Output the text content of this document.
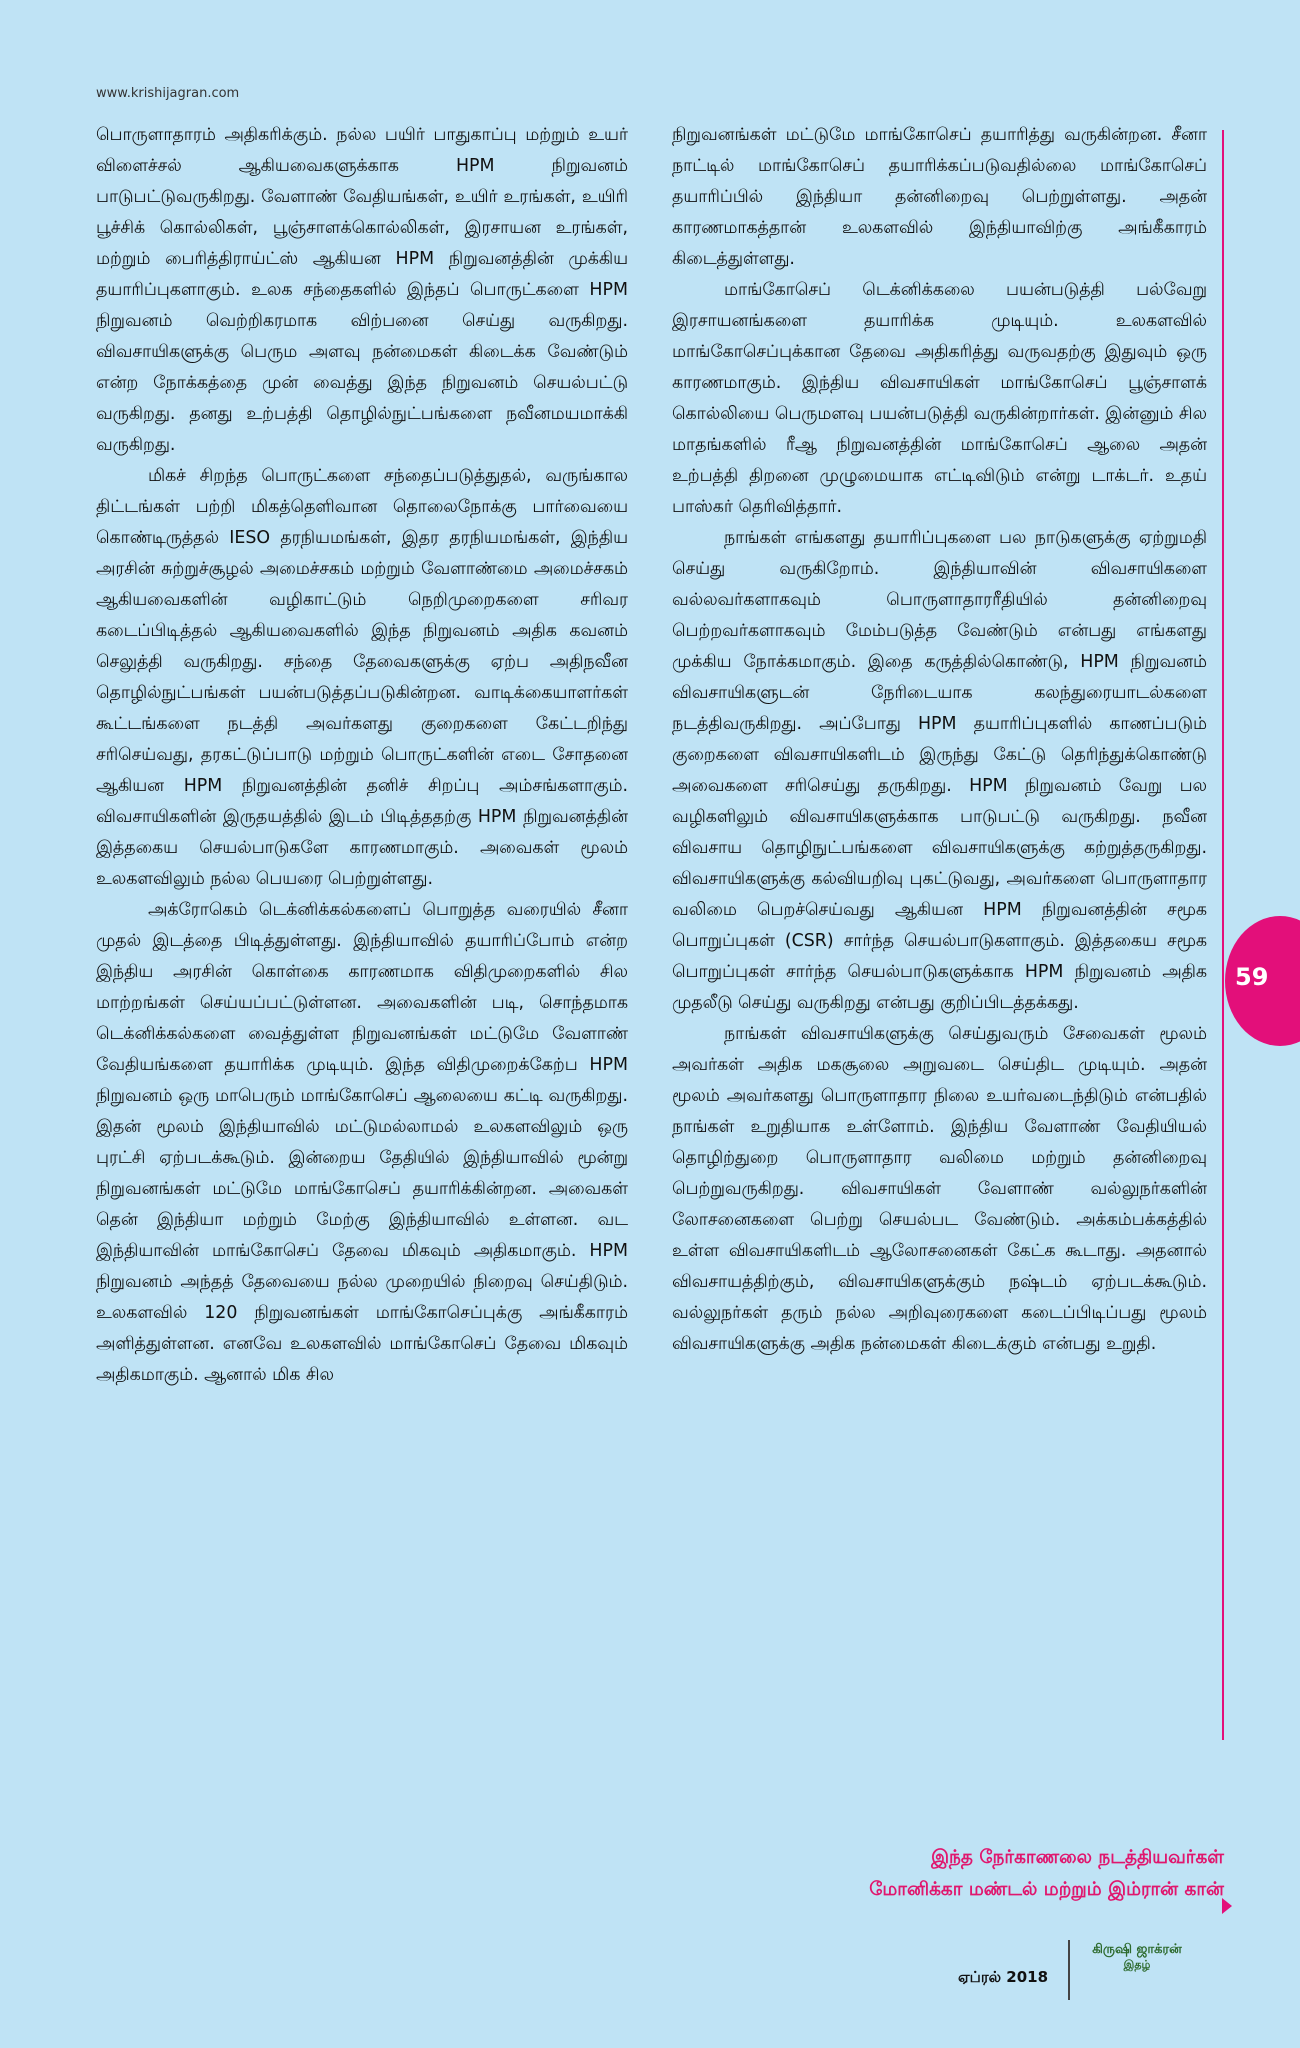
www.krishijagran.com

பொருளாதாரம் அதிகரிக்கும். நல்ல பயிர் பாதுகாப்பு மற்றும் உயர் விளைச்சல் ஆகியவைகளுக்காக HPM நிறுவனம் பாடுபட்டுவருகிறது. வேளாண் வேதியங்கள், உயிர் உரங்கள், உயிரி பூச்சிக் கொல்லிகள், பூஞ்சாளக்கொல்லிகள், இரசாயன உரங்கள், மற்றும் பைரித்திராய்ட்ஸ் ஆகியன HPM நிறுவனத்தின் முக்கிய தயாரிப்புகளாகும். உலக சந்தைகளில் இந்தப் பொருட்களை HPM நிறுவனம் வெற்றிகரமாக விற்பனை செய்து வருகிறது. விவசாயிகளுக்கு பெரும அளவு நன்மைகள் கிடைக்க வேண்டும் என்ற நோக்கத்தை முன் வைத்து இந்த நிறுவனம் செயல்பட்டு வருகிறது. தனது உற்பத்தி தொழில்நுட்பங்களை நவீனமயமாக்கி வருகிறது.

மிகச் சிறந்த பொருட்களை சந்தைப்படுத்துதல், வருங்கால திட்டங்கள் பற்றி மிகத்தெளிவான தொலைநோக்கு பார்வையை கொண்டிருத்தல் IESO தரநியமங்கள், இதர தரநியமங்கள், இந்திய அரசின் சுற்றுச்சூழல் அமைச்சகம் மற்றும் வேளாண்மை அமைச்சகம் ஆகியவைகளின் வழிகாட்டும் நெறிமுறைகளை சரிவர கடைப்பிடித்தல் ஆகியவைகளில் இந்த நிறுவனம் அதிக கவனம் செலுத்தி வருகிறது. சந்தை தேவைகளுக்கு ஏற்ப அதிநவீன தொழில்நுட்பங்கள் பயன்படுத்தப்படுகின்றன. வாடிக்கையாளர்கள் கூட்டங்களை நடத்தி அவர்களது குறைகளை கேட்டறிந்து சரிசெய்வது, தரகட்டுப்பாடு மற்றும் பொருட்களின் எடை சோதனை ஆகியன HPM நிறுவனத்தின் தனிச் சிறப்பு அம்சங்களாகும். விவசாயிகளின் இருதயத்தில் இடம் பிடித்ததற்கு HPM நிறுவனத்தின் இத்தகைய செயல்பாடுகளே காரணமாகும். அவைகள் மூலம் உலகளவிலும் நல்ல பெயரை பெற்றுள்ளது.

அக்ரோகெம் டெக்னிக்கல்களைப் பொறுத்த வரையில் சீனா முதல் இடத்தை பிடித்துள்ளது. இந்தியாவில் தயாரிப்போம் என்ற இந்திய அரசின் கொள்கை காரணமாக விதிமுறைகளில் சில மாற்றங்கள் செய்யப்பட்டுள்ளன. அவைகளின் படி, சொந்தமாக டெக்னிக்கல்களை வைத்துள்ள நிறுவனங்கள் மட்டுமே வேளாண் வேதியங்களை தயாரிக்க முடியும். இந்த விதிமுறைக்கேற்ப HPM நிறுவனம் ஒரு மாபெரும் மாங்கோசெப் ஆலையை கட்டி வருகிறது. இதன் மூலம் இந்தியாவில் மட்டுமல்லாமல் உலகளவிலும் ஒரு புரட்சி ஏற்படக்கூடும். இன்றைய தேதியில் இந்தியாவில் மூன்று நிறுவனங்கள் மட்டுமே மாங்கோசெப் தயாரிக்கின்றன. அவைகள் தென் இந்தியா மற்றும் மேற்கு இந்தியாவில் உள்ளன. வட இந்தியாவின் மாங்கோசெப் தேவை மிகவும் அதிகமாகும். HPM நிறுவனம் அந்தத் தேவையை நல்ல முறையில் நிறைவு செய்திடும். உலகளவில் 120 நிறுவனங்கள் மாங்கோசெப்புக்கு அங்கீகாரம் அளித்துள்ளன. எனவே உலகளவில் மாங்கோசெப் தேவை மிகவும் அதிகமாகும். ஆனால் மிக சில

நிறுவனங்கள் மட்டுமே மாங்கோசெப் தயாரித்து வருகின்றன. சீனா நாட்டில் மாங்கோசெப் தயாரிக்கப்படுவதில்லை மாங்கோசெப் தயாரிப்பில் இந்தியா தன்னிறைவு பெற்றுள்ளது. அதன் காரணமாகத்தான் உலகளவில் இந்தியாவிற்கு அங்கீகாரம் கிடைத்துள்ளது.

மாங்கோசெப் டெக்னிக்கலை பயன்படுத்தி பல்வேறு இரசாயனங்களை தயாரிக்க முடியும். உலகளவில் மாங்கோசெப்புக்கான தேவை அதிகரித்து வருவதற்கு இதுவும் ஒரு காரணமாகும். இந்திய விவசாயிகள் மாங்கோசெப் பூஞ்சாளக் கொல்லியை பெருமளவு பயன்படுத்தி வருகின்றார்கள். இன்னும் சில மாதங்களில் ரீஆ நிறுவனத்தின் மாங்கோசெப் ஆலை அதன் உற்பத்தி திறனை முழுமையாக எட்டிவிடும் என்று டாக்டர். உதய் பாஸ்கர் தெரிவித்தார்.

நாங்கள் எங்களது தயாரிப்புகளை பல நாடுகளுக்கு ஏற்றுமதி செய்து வருகிறோம். இந்தியாவின் விவசாயிகளை வல்லவர்களாகவும் பொருளாதாரரீதியில் தன்னிறைவு பெற்றவர்களாகவும் மேம்படுத்த வேண்டும் என்பது எங்களது முக்கிய நோக்கமாகும். இதை கருத்தில்கொண்டு, HPM நிறுவனம் விவசாயிகளுடன் நேரிடையாக கலந்துரையாடல்களை நடத்திவருகிறது. அப்போது HPM தயாரிப்புகளில் காணப்படும் குறைகளை விவசாயிகளிடம் இருந்து கேட்டு தெரிந்துக்கொண்டு அவைகளை சரிசெய்து தருகிறது. HPM நிறுவனம் வேறு பல வழிகளிலும் விவசாயிகளுக்காக பாடுபட்டு வருகிறது. நவீன விவசாய தொழிநுட்பங்களை விவசாயிகளுக்கு கற்றுத்தருகிறது. விவசாயிகளுக்கு கல்வியறிவு புகட்டுவது, அவர்களை பொருளாதார வலிமை பெறச்செய்வது ஆகியன HPM நிறுவனத்தின் சமூக பொறுப்புகள் (CSR) சார்ந்த செயல்பாடுகளாகும். இத்தகைய சமூக பொறுப்புகள் சார்ந்த செயல்பாடுகளுக்காக HPM நிறுவனம் அதிக முதலீடு செய்து வருகிறது என்பது குறிப்பிடத்தக்கது.

நாங்கள் விவசாயிகளுக்கு செய்துவரும் சேவைகள் மூலம் அவர்கள் அதிக மகசூலை அறுவடை செய்திட முடியும். அதன் மூலம் அவர்களது பொருளாதார நிலை உயர்வடைந்திடும் என்பதில் நாங்கள் உறுதியாக உள்ளோம். இந்திய வேளாண் வேதியியல் தொழிற்துறை பொருளாதார வலிமை மற்றும் தன்னிறைவு பெற்றுவருகிறது. விவசாயிகள் வேளாண் வல்லுநர்களின் லோசனைகளை பெற்று செயல்பட வேண்டும். அக்கம்பக்கத்தில் உள்ள விவசாயிகளிடம் ஆலோசனைகள் கேட்க கூடாது. அதனால் விவசாயத்திற்கும், விவசாயிகளுக்கும் நஷ்டம் ஏற்படக்கூடும். வல்லுநர்கள் தரும் நல்ல அறிவுரைகளை கடைப்பிடிப்பது மூலம் விவசாயிகளுக்கு அதிக நன்மைகள் கிடைக்கும் என்பது உறுதி.

இந்த நேர்காணலை நடத்தியவர்கள்
மோனிக்கா மண்டல் மற்றும் இம்ரான் கான்
59
ஏப்ரல் 2018
கிருஷி ஜாக்ரன்
இதழ்
